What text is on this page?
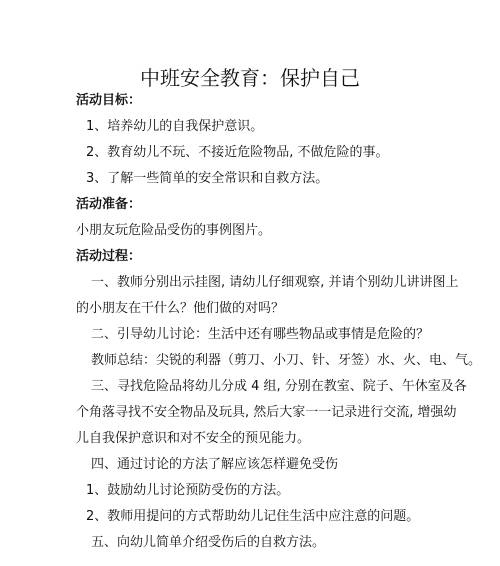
中班安全教育：保护自己
活动目标：
1、培养幼儿的自我保护意识。
2、教育幼儿不玩、不接近危险物品, 不做危险的事。
3、了解一些简单的安全常识和自救方法。
活动准备：
小朋友玩危险品受伤的事例图片。
活动过程：
一、教师分别出示挂图, 请幼儿仔细观察, 并请个别幼儿讲讲图上
的小朋友在干什么？他们做的对吗？
二、引导幼儿讨论：生活中还有哪些物品或事情是危险的？
教师总结：尖锐的利器（剪刀、小刀、针、牙签）水、火、电、气。
三、寻找危险品将幼儿分成 4 组, 分别在教室、院子、午休室及各
个角落寻找不安全物品及玩具, 然后大家一一记录进行交流, 增强幼
儿自我保护意识和对不安全的预见能力。
四、通过讨论的方法了解应该怎样避免受伤
1、鼓励幼儿讨论预防受伤的方法。
2、教师用提问的方式帮助幼儿记住生活中应注意的问题。
五、向幼儿简单介绍受伤后的自救方法。
